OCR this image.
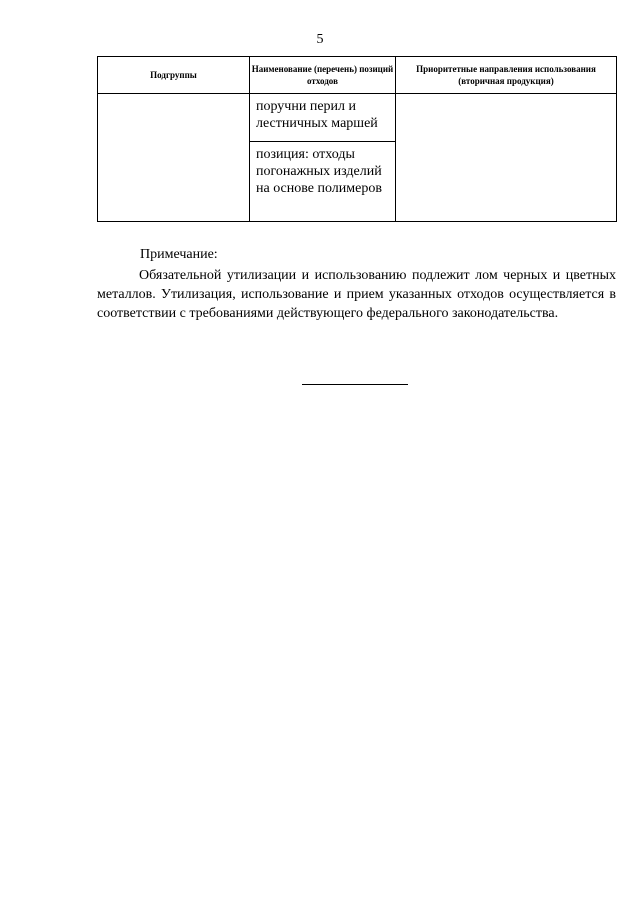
5
Подгруппы	Наименование (перечень) позиций отходов	Приоритетные направления использования (вторичная продукция)

	поручни перил и лестничных маршей	

	позиция: отходы погонажных изделий на основе полимеров	
Примечание:
Обязательной утилизации и использованию подлежит лом черных и цветных металлов. Утилизация, использование и прием указанных отходов осуществляется в соответствии с требованиями действующего федерального законодательства.
